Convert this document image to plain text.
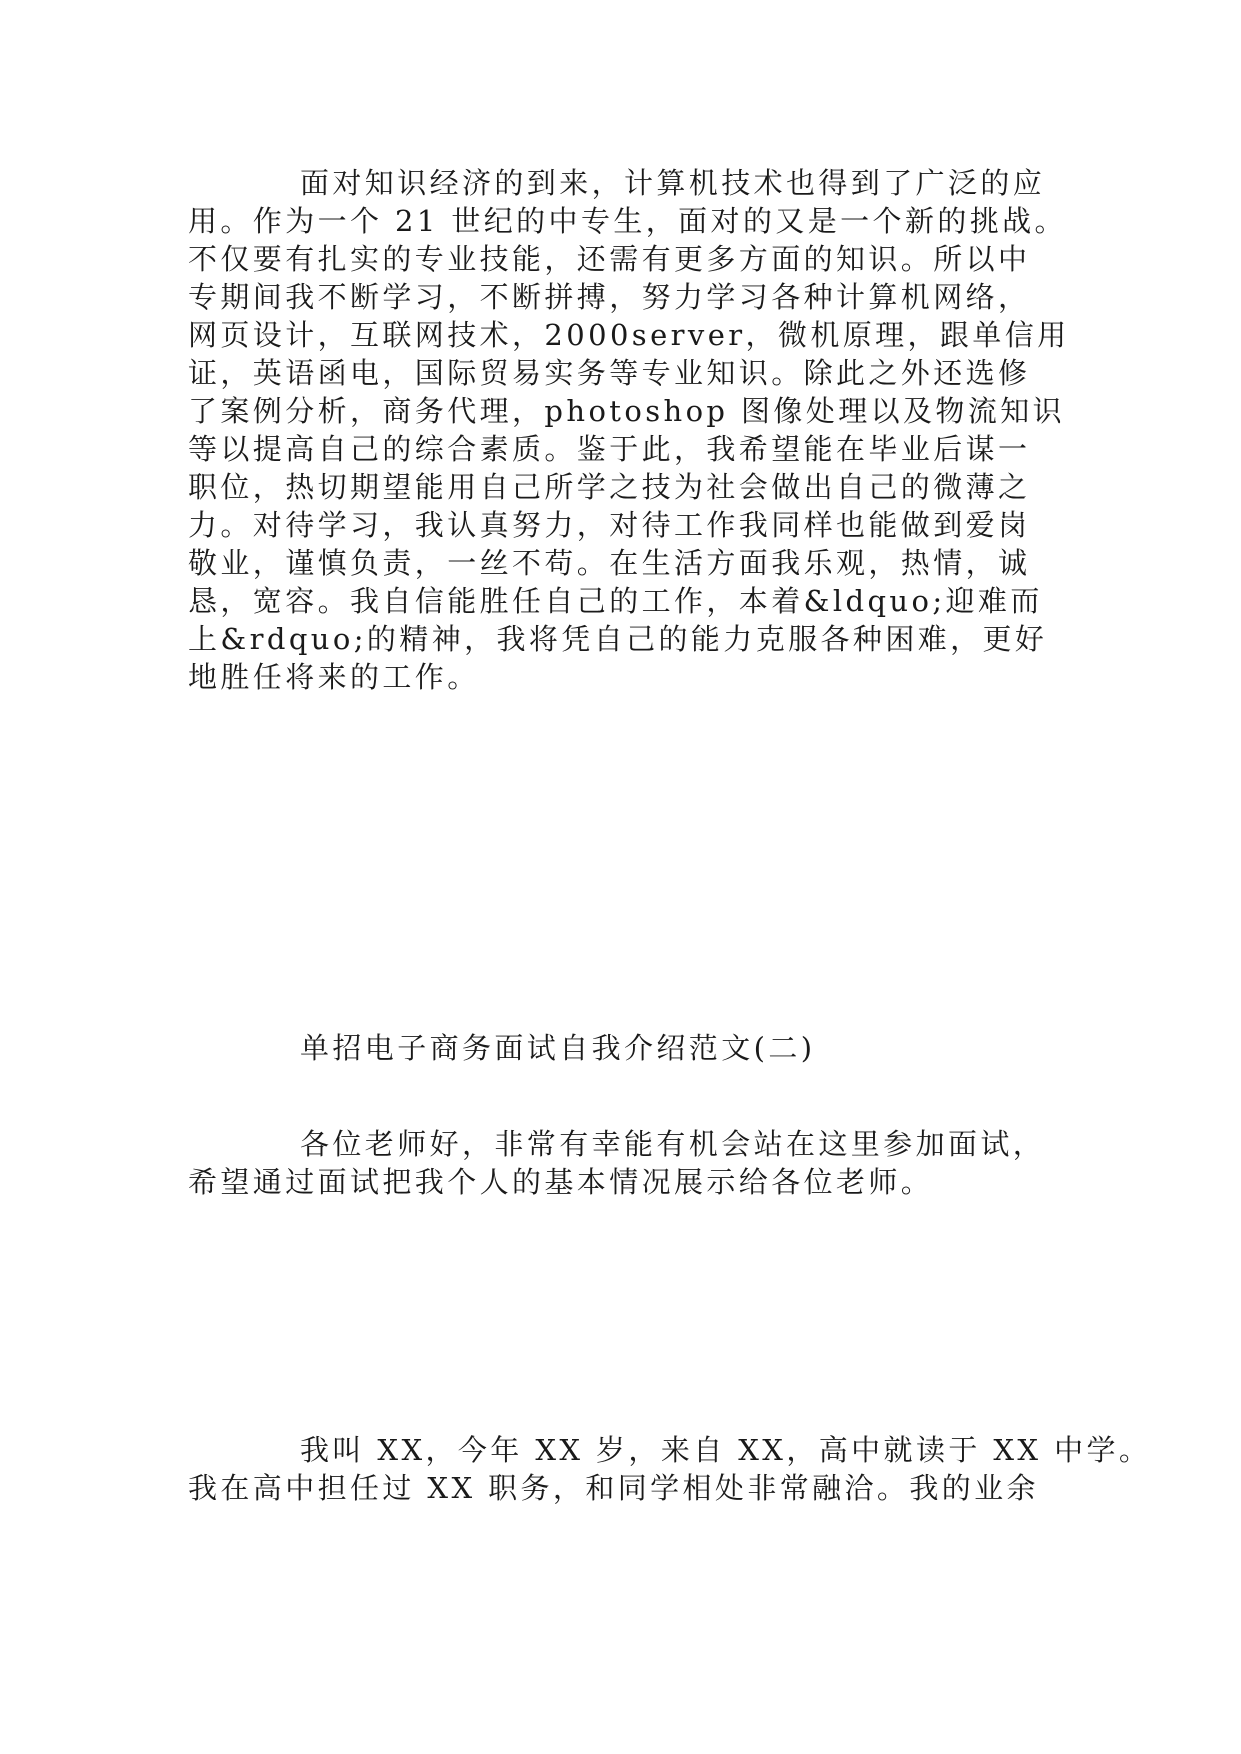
面对知识经济的到来，计算机技术也得到了广泛的应
用。作为一个 21 世纪的中专生，面对的又是一个新的挑战。
不仅要有扎实的专业技能，还需有更多方面的知识。所以中
专期间我不断学习，不断拼搏，努力学习各种计算机网络，
网页设计，互联网技术，2000server，微机原理，跟单信用
证，英语函电，国际贸易实务等专业知识。除此之外还选修
了案例分析，商务代理，photoshop 图像处理以及物流知识
等以提高自己的综合素质。鉴于此，我希望能在毕业后谋一
职位，热切期望能用自己所学之技为社会做出自己的微薄之
力。对待学习，我认真努力，对待工作我同样也能做到爱岗
敬业，谨慎负责，一丝不苟。在生活方面我乐观，热情，诚
恳，宽容。我自信能胜任自己的工作，本着&ldquo;迎难而
上&rdquo;的精神，我将凭自己的能力克服各种困难，更好
地胜任将来的工作。
单招电子商务面试自我介绍范文(二)
各位老师好，非常有幸能有机会站在这里参加面试，
希望通过面试把我个人的基本情况展示给各位老师。
我叫 XX，今年 XX 岁，来自 XX，高中就读于 XX 中学。
我在高中担任过 XX 职务，和同学相处非常融洽。我的业余
